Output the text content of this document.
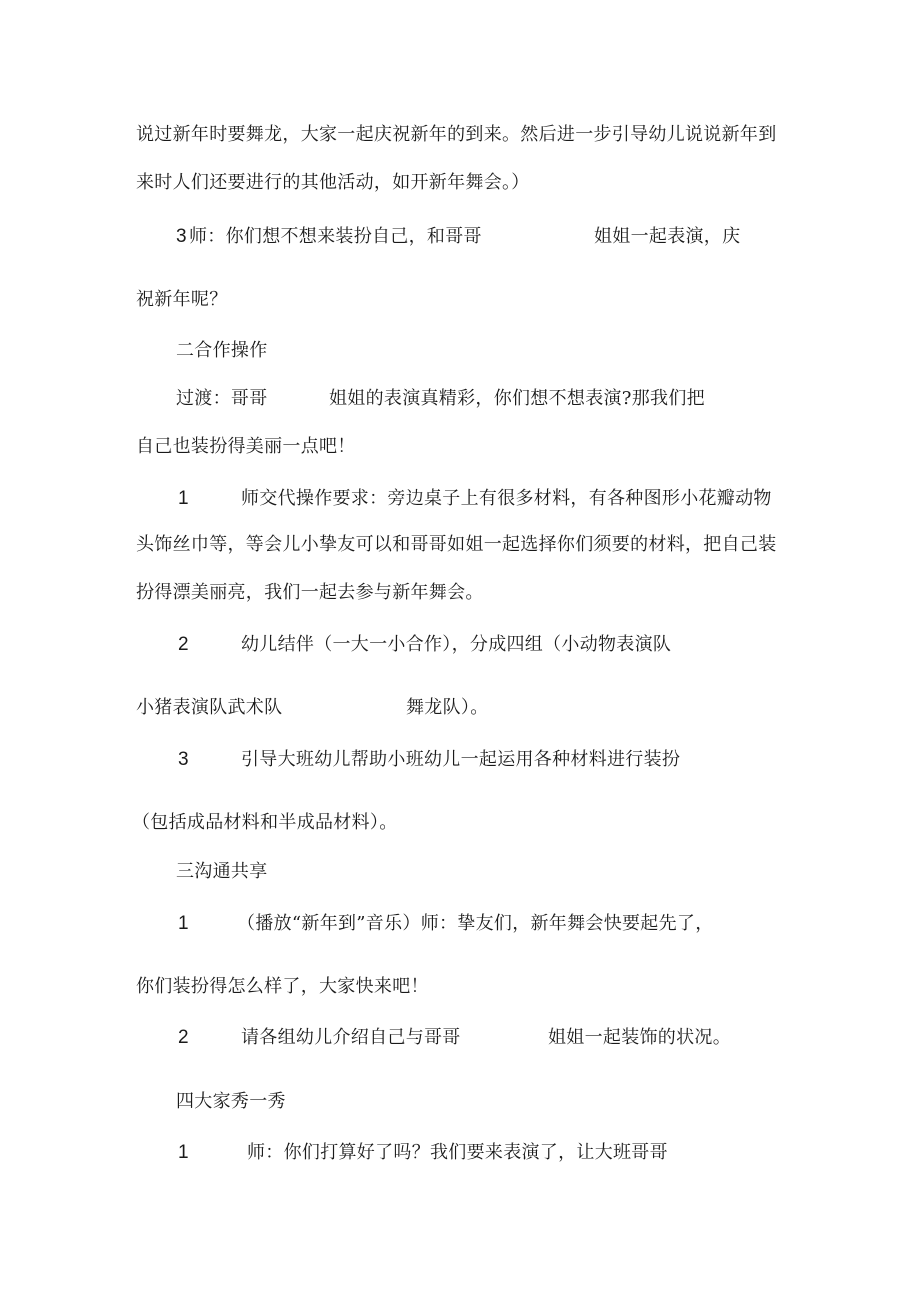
说过新年时要舞龙，大家一起庆祝新年的到来。然后进一步引导幼儿说说新年到
来时人们还要进行的其他活动，如开新年舞会。）
3 师：你们想不想来装扮自己，和哥哥	姐姐一起表演，庆
祝新年呢？
二合作操作
过渡：哥哥	姐姐的表演真精彩，你们想不想表演?那我们把
自己也装扮得美丽一点吧！
1	师交代操作要求：旁边桌子上有很多材料，有各种图形小花瓣动物
头饰丝巾等，等会儿小挚友可以和哥哥如姐一起选择你们须要的材料，把自己装
扮得漂美丽亮，我们一起去参与新年舞会。
2	幼儿结伴（一大一小合作），分成四组（小动物表演队
小猪表演队武术队	舞龙队）。
3	引导大班幼儿帮助小班幼儿一起运用各种材料进行装扮
（包括成品材料和半成品材料）。
三沟通共享
1	（播放“新年到”音乐）师：挚友们，新年舞会快要起先了，
你们装扮得怎么样了，大家快来吧！
2	请各组幼儿介绍自己与哥哥	姐姐一起装饰的状况。
四大家秀一秀
1	师：你们打算好了吗？我们要来表演了，让大班哥哥
